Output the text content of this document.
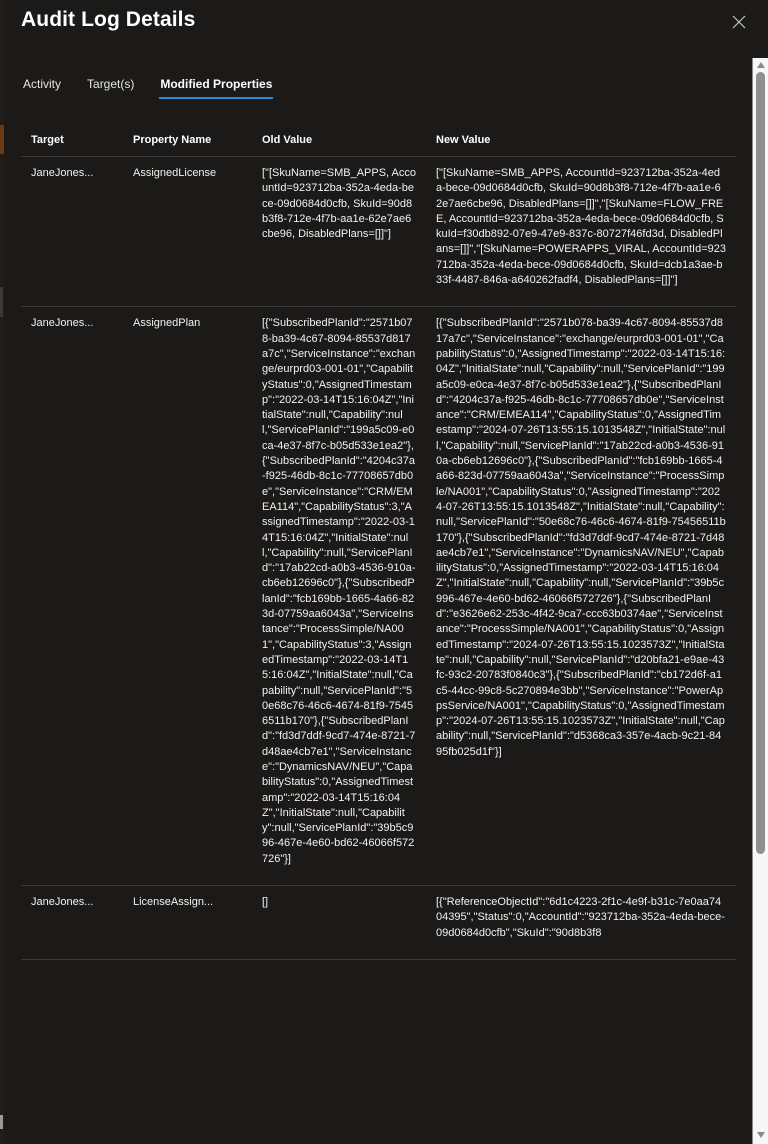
Audit Log Details
Activity Target(s) Modified Properties
Target	Property Name	Old Value	New Value
JaneJones...	AssignedLicense	["[SkuName=SMB_APPS, AccountId=923712ba-352a-4eda-bece-09d0684d0cfb, SkuId=90d8b3f8-712e-4f7b-aa1e-62e7ae6cbe96, DisabledPlans=[]]"]	["[SkuName=SMB_APPS, AccountId=923712ba-352a-4eda-bece-09d0684d0cfb, SkuId=90d8b3f8-712e-4f7b-aa1e-62e7ae6cbe96, DisabledPlans=[]]","[SkuName=FLOW_FREE, AccountId=923712ba-352a-4eda-bece-09d0684d0cfb, SkuId=f30db892-07e9-47e9-837c-80727f46fd3d, DisabledPlans=[]]","[SkuName=POWERAPPS_VIRAL, AccountId=923712ba-352a-4eda-bece-09d0684d0cfb, SkuId=dcb1a3ae-b33f-4487-846a-a640262fadf4, DisabledPlans=[]]"]
JaneJones...	AssignedPlan	[{"SubscribedPlanId":"2571b078-ba39-4c67-8094-85537d817a7c","ServiceInstance":"exchange/eurprd03-001-01","CapabilityStatus":0,"AssignedTimestamp":"2022-03-14T15:16:04Z","InitialState":null,"Capability":null,"ServicePlanId":"199a5c09-e0ca-4e37-8f7c-b05d533e1ea2"},{"SubscribedPlanId":"4204c37a-f925-46db-8c1c-77708657db0e","ServiceInstance":"CRM/EMEA114","CapabilityStatus":3,"AssignedTimestamp":"2022-03-14T15:16:04Z","InitialState":null,"Capability":null,"ServicePlanId":"17ab22cd-a0b3-4536-910a-cb6eb12696c0"},{"SubscribedPlanId":"fcb169bb-1665-4a66-823d-07759aa6043a","ServiceInstance":"ProcessSimple/NA001","CapabilityStatus":3,"AssignedTimestamp":"2022-03-14T15:16:04Z","InitialState":null,"Capability":null,"ServicePlanId":"50e68c76-46c6-4674-81f9-75456511b170"},{"SubscribedPlanId":"fd3d7ddf-9cd7-474e-8721-7d48ae4cb7e1","ServiceInstance":"DynamicsNAV/NEU","CapabilityStatus":0,"AssignedTimestamp":"2022-03-14T15:16:04Z","InitialState":null,"Capability":null,"ServicePlanId":"39b5c996-467e-4e60-bd62-46066f572726"}]	[{"SubscribedPlanId":"2571b078-ba39-4c67-8094-85537d817a7c","ServiceInstance":"exchange/eurprd03-001-01","CapabilityStatus":0,"AssignedTimestamp":"2022-03-14T15:16:04Z","InitialState":null,"Capability":null,"ServicePlanId":"199a5c09-e0ca-4e37-8f7c-b05d533e1ea2"},{"SubscribedPlanId":"4204c37a-f925-46db-8c1c-77708657db0e","ServiceInstance":"CRM/EMEA114","CapabilityStatus":0,"AssignedTimestamp":"2024-07-26T13:55:15.1013548Z","InitialState":null,"Capability":null,"ServicePlanId":"17ab22cd-a0b3-4536-910a-cb6eb12696c0"},{"SubscribedPlanId":"fcb169bb-1665-4a66-823d-07759aa6043a","ServiceInstance":"ProcessSimple/NA001","CapabilityStatus":0,"AssignedTimestamp":"2024-07-26T13:55:15.1013548Z","InitialState":null,"Capability":null,"ServicePlanId":"50e68c76-46c6-4674-81f9-75456511b170"},{"SubscribedPlanId":"fd3d7ddf-9cd7-474e-8721-7d48ae4cb7e1","ServiceInstance":"DynamicsNAV/NEU","CapabilityStatus":0,"AssignedTimestamp":"2022-03-14T15:16:04Z","InitialState":null,"Capability":null,"ServicePlanId":"39b5c996-467e-4e60-bd62-46066f572726"},{"SubscribedPlanId":"e3626e62-253c-4f42-9ca7-ccc63b0374ae","ServiceInstance":"ProcessSimple/NA001","CapabilityStatus":0,"AssignedTimestamp":"2024-07-26T13:55:15.1023573Z","InitialState":null,"Capability":null,"ServicePlanId":"d20bfa21-e9ae-43fc-93c2-20783f0840c3"},{"SubscribedPlanId":"cb172d6f-a1c5-44cc-99c8-5c270894e3bb","ServiceInstance":"PowerAppsService/NA001","CapabilityStatus":0,"AssignedTimestamp":"2024-07-26T13:55:15.1023573Z","InitialState":null,"Capability":null,"ServicePlanId":"d5368ca3-357e-4acb-9c21-8495fb025d1f"}]
JaneJones...	LicenseAssign...	[]	[{"ReferenceObjectId":"6d1c4223-2f1c-4e9f-b31c-7e0aa7404395","Status":0,"AccountId":"923712ba-352a-4eda-bece-09d0684d0cfb","SkuId":"90d8b3f8
